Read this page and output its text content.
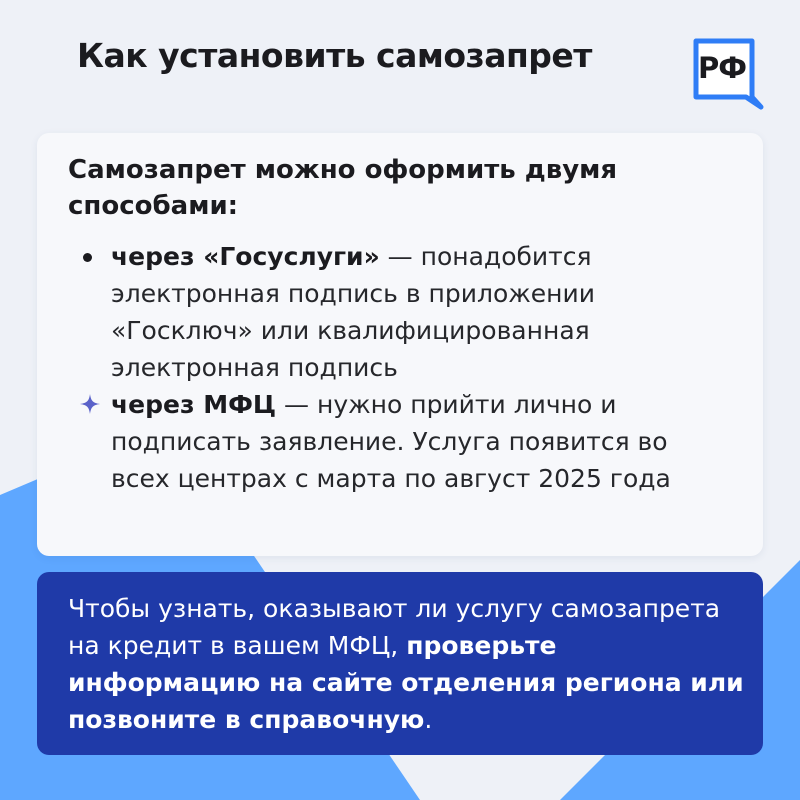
Как установить самозапрет	РФ
Самозапрет можно оформить двумя способами:
через «Госуслуги» — понадобится электронная подпись в приложении «Госключ» или квалифицированная электронная подпись
через МФЦ — нужно прийти лично и подписать заявление. Услуга появится во всех центрах с марта по август 2025 года
Чтобы узнать, оказывают ли услугу самозапрета на кредит в вашем МФЦ, проверьте информацию на сайте отделения региона или позвоните в справочную.
